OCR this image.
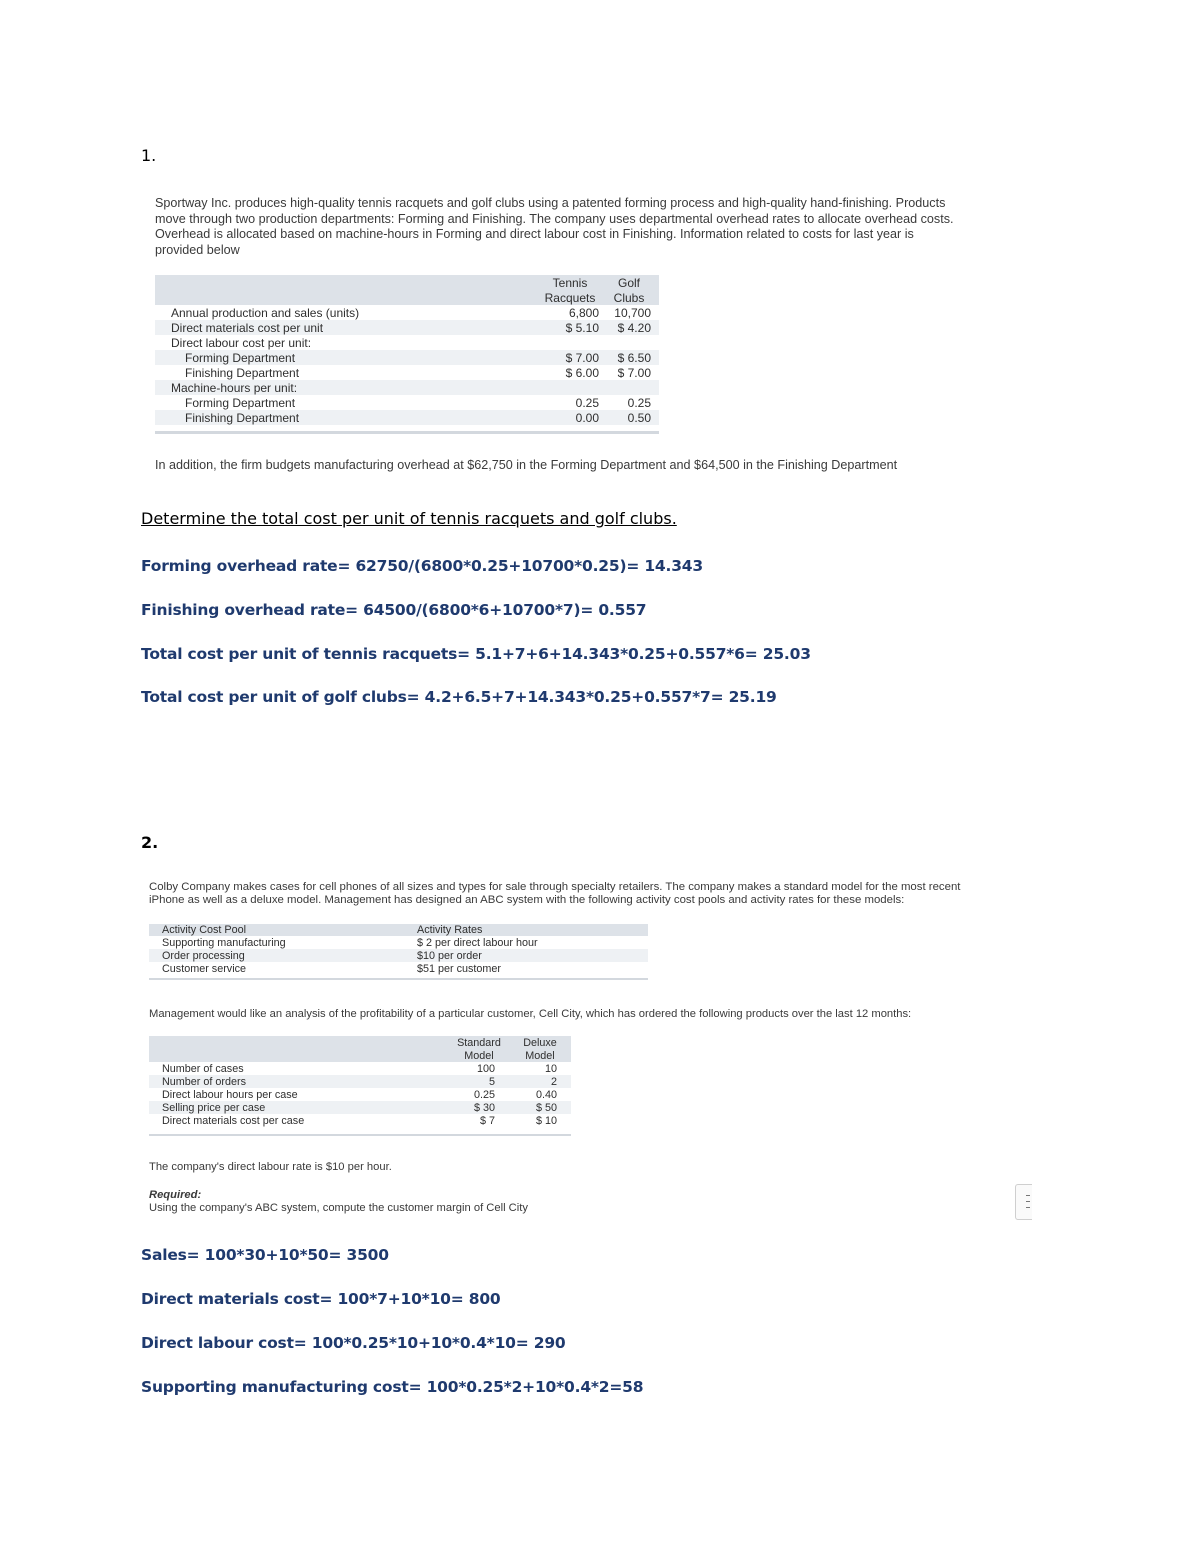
1.
Sportway Inc. produces high-quality tennis racquets and golf clubs using a patented forming process and high-quality hand-finishing. Products
move through two production departments: Forming and Finishing. The company uses departmental overhead rates to allocate overhead costs.
Overhead is allocated based on machine-hours in Forming and direct labour cost in Finishing. Information related to costs for last year is
provided below
	Tennis	Golf
	Racquets	Clubs
Annual production and sales (units)	6,800	10,700
Direct materials cost per unit	$ 5.10	$ 4.20
Direct labour cost per unit:		
Forming Department	$ 7.00	$ 6.50
Finishing Department	$ 6.00	$ 7.00
Machine-hours per unit:		
Forming Department	0.25	0.25
Finishing Department	0.00	0.50
In addition, the firm budgets manufacturing overhead at $62,750 in the Forming Department and $64,500 in the Finishing Department
Determine the total cost per unit of tennis racquets and golf clubs.
Forming overhead rate= 62750/(6800*0.25+10700*0.25)= 14.343
Finishing overhead rate= 64500/(6800*6+10700*7)= 0.557
Total cost per unit of tennis racquets= 5.1+7+6+14.343*0.25+0.557*6= 25.03
Total cost per unit of golf clubs= 4.2+6.5+7+14.343*0.25+0.557*7= 25.19
2.
Colby Company makes cases for cell phones of all sizes and types for sale through specialty retailers. The company makes a standard model for the most recent
iPhone as well as a deluxe model. Management has designed an ABC system with the following activity cost pools and activity rates for these models:
Activity Cost Pool	Activity Rates
Supporting manufacturing	$ 2 per direct labour hour
Order processing	$10 per order
Customer service	$51 per customer
Management would like an analysis of the profitability of a particular customer, Cell City, which has ordered the following products over the last 12 months:
	Standard	Deluxe
	Model	Model
Number of cases	100	10
Number of orders	5	2
Direct labour hours per case	0.25	0.40
Selling price per case	$ 30	$ 50
Direct materials cost per case	$ 7	$ 10
The company's direct labour rate is $10 per hour.
Required:
Using the company's ABC system, compute the customer margin of Cell City
Sales= 100*30+10*50= 3500
Direct materials cost= 100*7+10*10= 800
Direct labour cost= 100*0.25*10+10*0.4*10= 290
Supporting manufacturing cost= 100*0.25*2+10*0.4*2=58
